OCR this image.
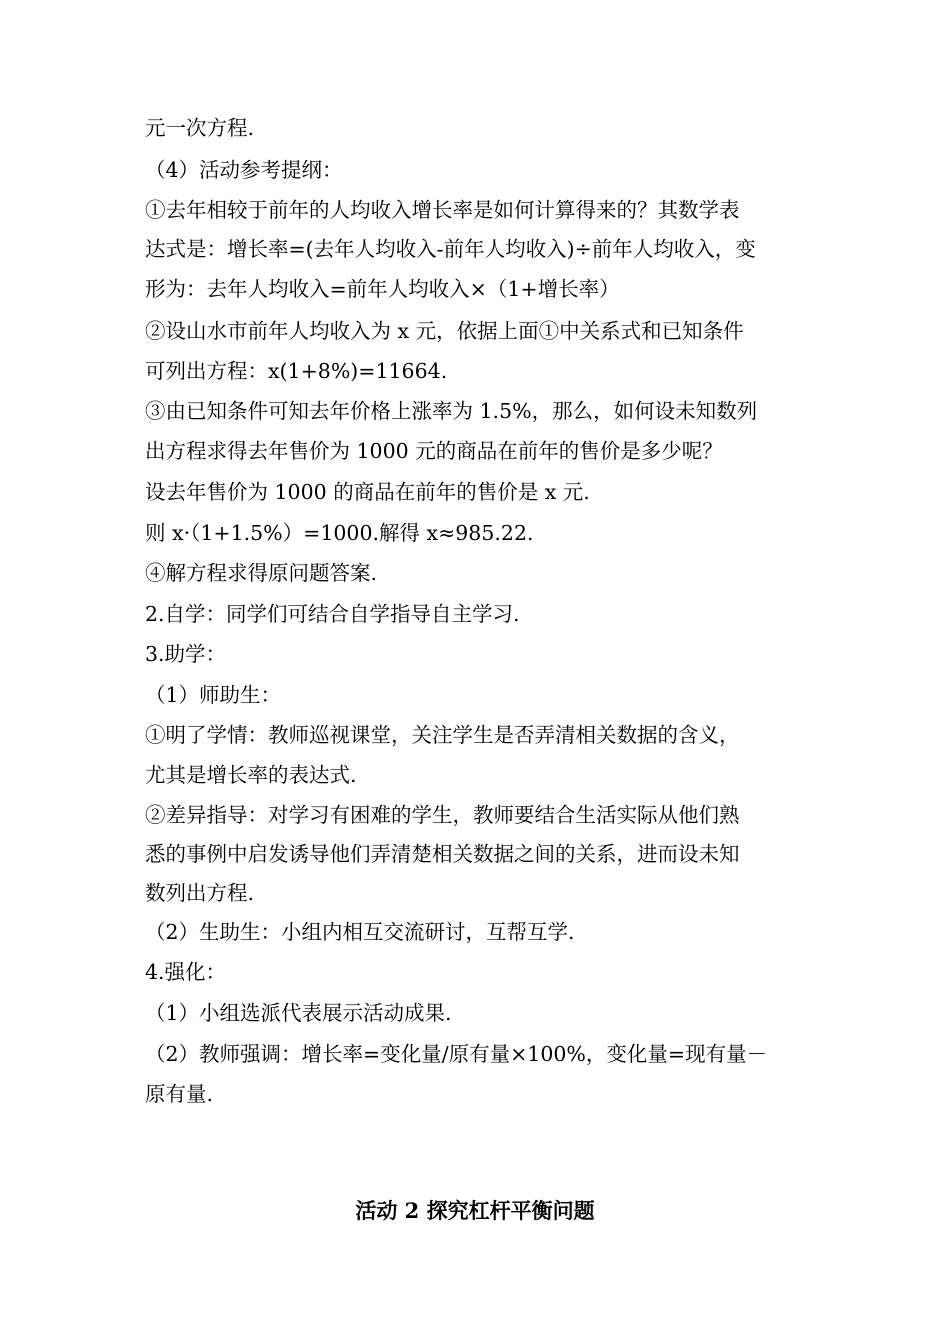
元一次方程.
（4）活动参考提纲：
①去年相较于前年的人均收入增长率是如何计算得来的？其数学表
达式是：增长率=(去年人均收入-前年人均收入)÷前年人均收入，变
形为：去年人均收入=前年人均收入×（1+增长率）
②设山水市前年人均收入为 x 元，依据上面①中关系式和已知条件
可列出方程：x(1+8%)=11664.
③由已知条件可知去年价格上涨率为 1.5%，那么，如何设未知数列
出方程求得去年售价为 1000 元的商品在前年的售价是多少呢？
设去年售价为 1000 的商品在前年的售价是 x 元.
则 x·（1+1.5%）=1000.解得 x≈985.22.
④解方程求得原问题答案.
2.自学：同学们可结合自学指导自主学习.
3.助学：
（1）师助生：
①明了学情：教师巡视课堂，关注学生是否弄清相关数据的含义，
尤其是增长率的表达式.
②差异指导：对学习有困难的学生，教师要结合生活实际从他们熟
悉的事例中启发诱导他们弄清楚相关数据之间的关系，进而设未知
数列出方程.
（2）生助生：小组内相互交流研讨，互帮互学.
4.强化：
（1）小组选派代表展示活动成果.
（2）教师强调：增长率=变化量/原有量×100%，变化量=现有量－
原有量.
活动 2 探究杠杆平衡问题
